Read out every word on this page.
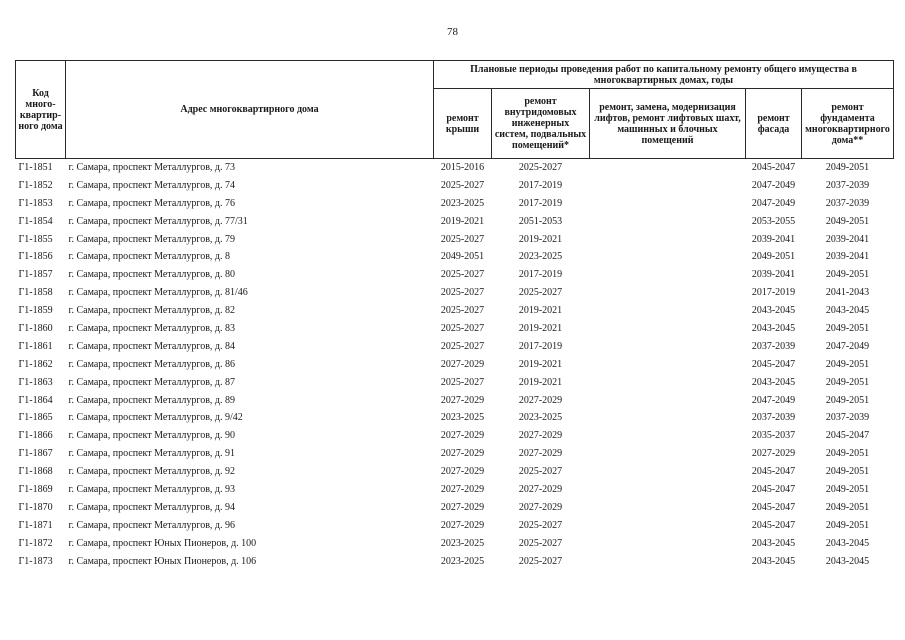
78
Код много-квартир-ного дома	Адрес многоквартирного дома	Плановые периоды проведения работ по капитальному ремонту общего имущества в многоквартирных домах, годы				
		ремонт крыши	ремонт внутридомовых инженерных систем, подвальных помещений*	ремонт, замена, модернизация лифтов, ремонт лифтовых шахт, машинных и блочных помещений	ремонт фасада	ремонт фундамента многоквартирного дома**
Г1-1851	г. Самара, проспект Металлургов, д. 73	2015-2016	2025-2027		2045-2047	2049-2051
Г1-1852	г. Самара, проспект Металлургов, д. 74	2025-2027	2017-2019		2047-2049	2037-2039
Г1-1853	г. Самара, проспект Металлургов, д. 76	2023-2025	2017-2019		2047-2049	2037-2039
Г1-1854	г. Самара, проспект Металлургов, д. 77/31	2019-2021	2051-2053		2053-2055	2049-2051
Г1-1855	г. Самара, проспект Металлургов, д. 79	2025-2027	2019-2021		2039-2041	2039-2041
Г1-1856	г. Самара, проспект Металлургов, д. 8	2049-2051	2023-2025		2049-2051	2039-2041
Г1-1857	г. Самара, проспект Металлургов, д. 80	2025-2027	2017-2019		2039-2041	2049-2051
Г1-1858	г. Самара, проспект Металлургов, д. 81/46	2025-2027	2025-2027		2017-2019	2041-2043
Г1-1859	г. Самара, проспект Металлургов, д. 82	2025-2027	2019-2021		2043-2045	2043-2045
Г1-1860	г. Самара, проспект Металлургов, д. 83	2025-2027	2019-2021		2043-2045	2049-2051
Г1-1861	г. Самара, проспект Металлургов, д. 84	2025-2027	2017-2019		2037-2039	2047-2049
Г1-1862	г. Самара, проспект Металлургов, д. 86	2027-2029	2019-2021		2045-2047	2049-2051
Г1-1863	г. Самара, проспект Металлургов, д. 87	2025-2027	2019-2021		2043-2045	2049-2051
Г1-1864	г. Самара, проспект Металлургов, д. 89	2027-2029	2027-2029		2047-2049	2049-2051
Г1-1865	г. Самара, проспект Металлургов, д. 9/42	2023-2025	2023-2025		2037-2039	2037-2039
Г1-1866	г. Самара, проспект Металлургов, д. 90	2027-2029	2027-2029		2035-2037	2045-2047
Г1-1867	г. Самара, проспект Металлургов, д. 91	2027-2029	2027-2029		2027-2029	2049-2051
Г1-1868	г. Самара, проспект Металлургов, д. 92	2027-2029	2025-2027		2045-2047	2049-2051
Г1-1869	г. Самара, проспект Металлургов, д. 93	2027-2029	2027-2029		2045-2047	2049-2051
Г1-1870	г. Самара, проспект Металлургов, д. 94	2027-2029	2027-2029		2045-2047	2049-2051
Г1-1871	г. Самара, проспект Металлургов, д. 96	2027-2029	2025-2027		2045-2047	2049-2051
Г1-1872	г. Самара, проспект Юных Пионеров, д. 100	2023-2025	2025-2027		2043-2045	2043-2045
Г1-1873	г. Самара, проспект Юных Пионеров, д. 106	2023-2025	2025-2027		2043-2045	2043-2045
